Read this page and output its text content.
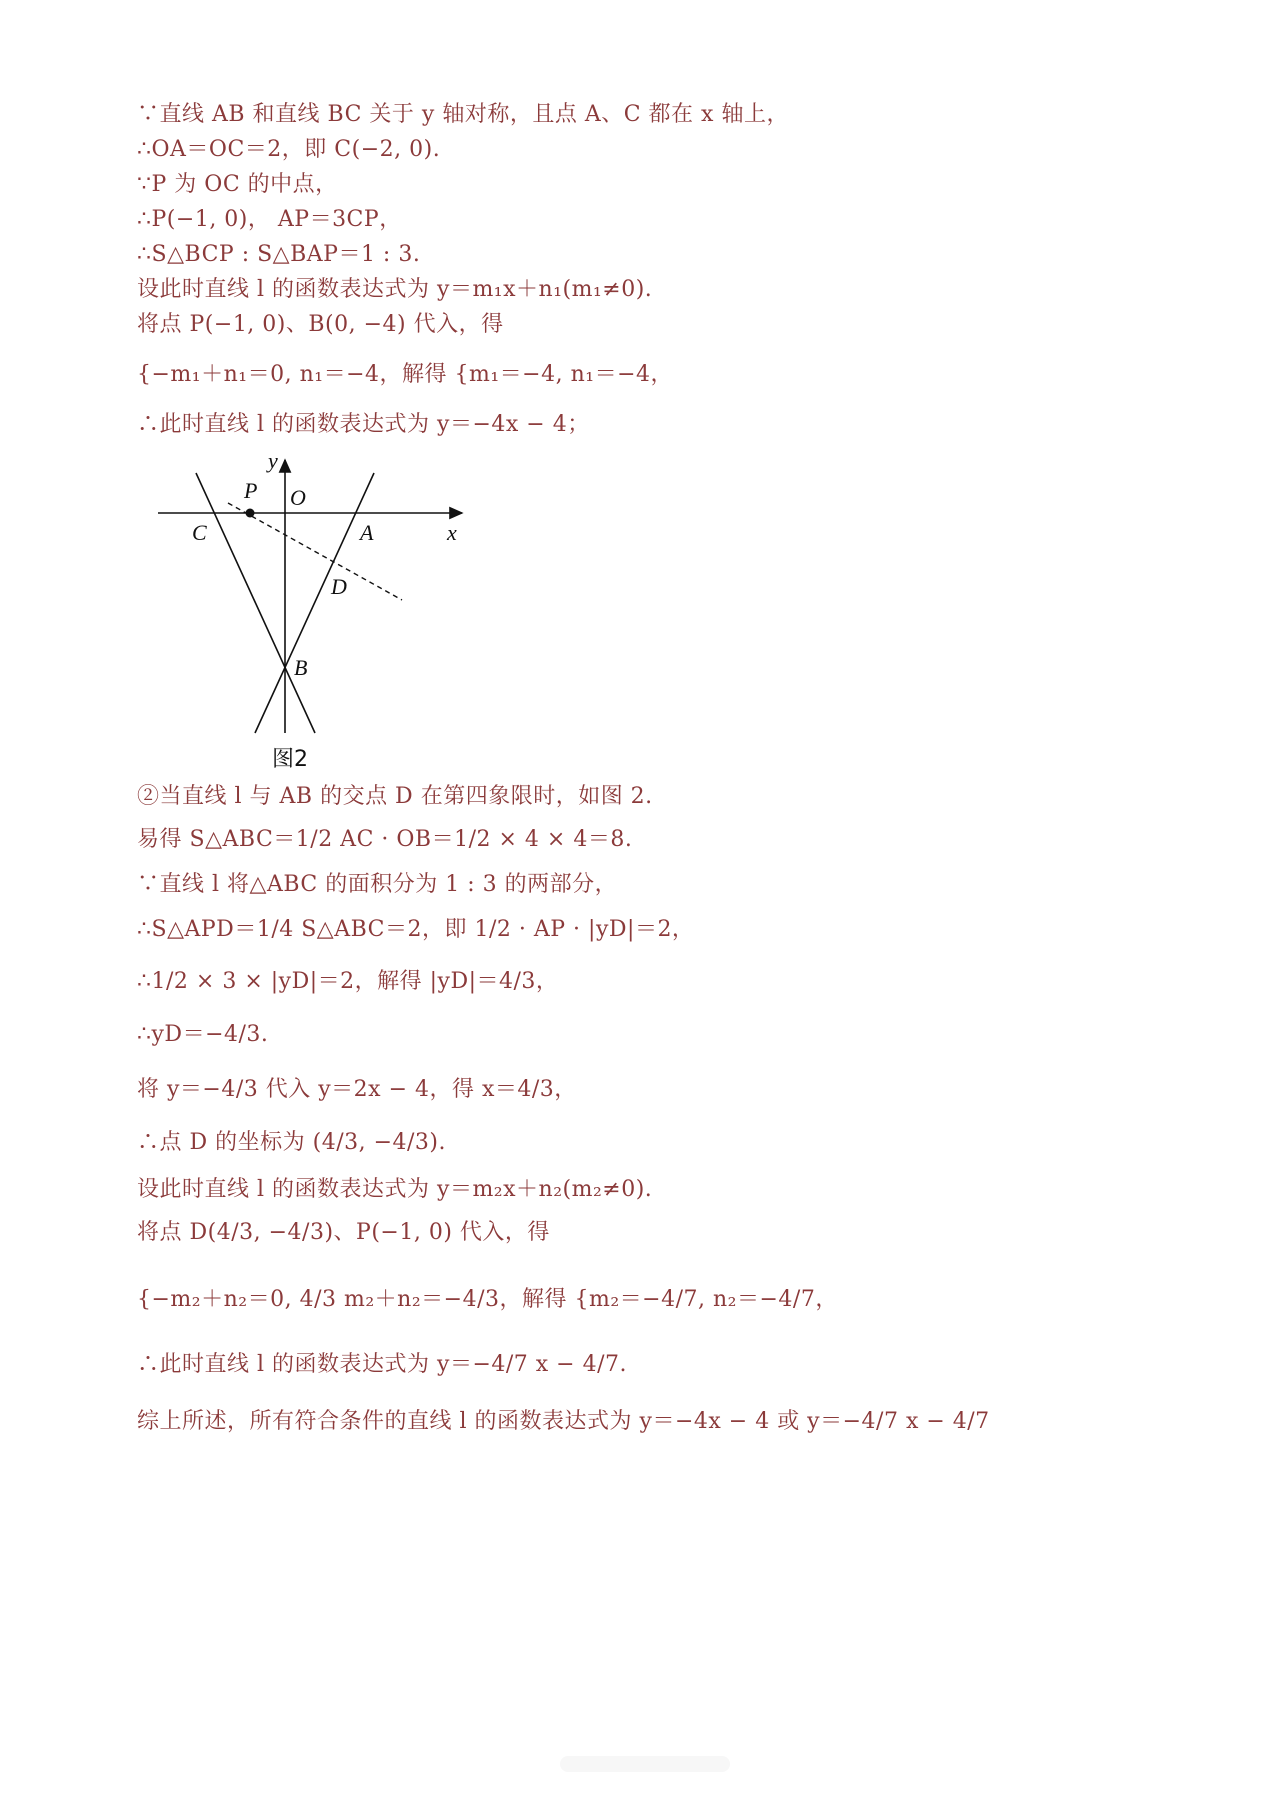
∵直线 AB 和直线 BC 关于 y 轴对称，且点 A、C 都在 x 轴上，
∴OA＝OC＝2，即 C(−2, 0).
∵P 为 OC 的中点，
∴P(−1, 0)， AP＝3CP，
∴S△BCP : S△BAP＝1 : 3.
设此时直线 l 的函数表达式为 y＝m₁x＋n₁(m₁≠0).
将点 P(−1, 0)、B(0, −4) 代入，得
{−m₁＋n₁＝0, n₁＝−4，解得 {m₁＝−4, n₁＝−4，
∴此时直线 l 的函数表达式为 y＝−4x − 4；
y
x
O
P
C	A
D
B
图2
②当直线 l 与 AB 的交点 D 在第四象限时，如图 2.
易得 S△ABC＝1/2 AC · OB＝1/2 × 4 × 4＝8.
∵直线 l 将△ABC 的面积分为 1 : 3 的两部分，
∴S△APD＝1/4 S△ABC＝2，即 1/2 · AP · |yD|＝2，
∴1/2 × 3 × |yD|＝2，解得 |yD|＝4/3，
∴yD＝−4/3.
将 y＝−4/3 代入 y＝2x − 4，得 x＝4/3，
∴点 D 的坐标为 (4/3, −4/3).
设此时直线 l 的函数表达式为 y＝m₂x＋n₂(m₂≠0).
将点 D(4/3, −4/3)、P(−1, 0) 代入，得
{−m₂＋n₂＝0, 4/3 m₂＋n₂＝−4/3，解得 {m₂＝−4/7, n₂＝−4/7，
∴此时直线 l 的函数表达式为 y＝−4/7 x − 4/7.
综上所述，所有符合条件的直线 l 的函数表达式为 y＝−4x − 4 或 y＝−4/7 x − 4/7
